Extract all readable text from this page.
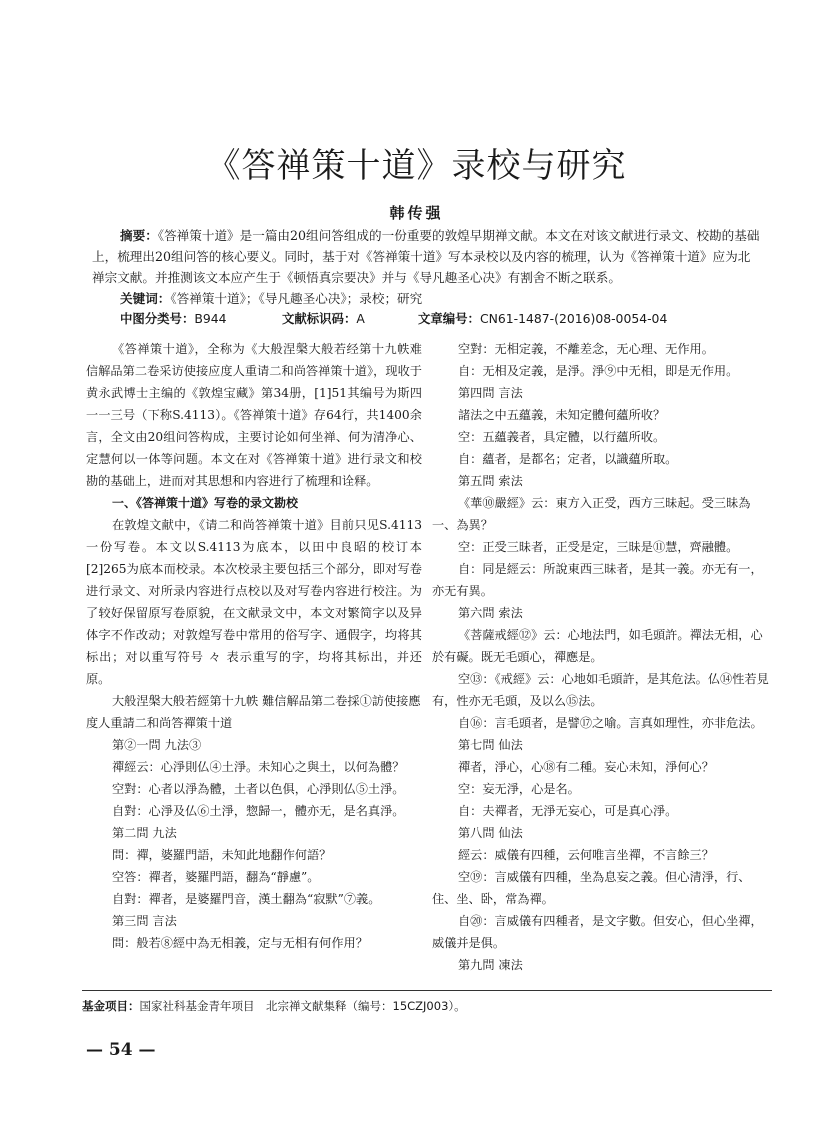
《答禅策十道》录校与研究
韩传强
摘要：《答禅策十道》是一篇由20组问答组成的一份重要的敦煌早期禅文献。本文在对该文献进行录文、校勘的基础上，梳理出20组问答的核心要义。同时，基于对《答禅策十道》写本录校以及内容的梳理，认为《答禅策十道》应为北禅宗文献。并推测该文本应产生于《顿悟真宗要决》并与《导凡趣圣心决》有割舍不断之联系。
关键词：《答禅策十道》；《导凡趣圣心决》；录校；研究
中图分类号：B944	文献标识码：A	文章编号：CN61-1487-(2016)08-0054-04

《答禅策十道》，全称为《大般涅槃大般若经第十九帙难信解品第二卷采访使接应度人重请二和尚答禅策十道》，现收于黄永武博士主编的《敦煌宝藏》第34册，[1]51其编号为斯四一一三号（下称S.4113）。《答禅策十道》存64行，共1400余言，全文由20组问答构成，主要讨论如何坐禅、何为清净心、定慧何以一体等问题。本文在对《答禅策十道》进行录文和校勘的基础上，进而对其思想和内容进行了梳理和诠释。

一、《答禅策十道》写卷的录文勘校

在敦煌文献中，《请二和尚答禅策十道》目前只见S.4113一份写卷。本文以S.4113为底本，以田中良昭的校订本[2]265为底本而校录。本次校录主要包括三个部分，即对写卷进行录文、对所录内容进行点校以及对写卷内容进行校注。为了较好保留原写卷原貌，在文献录文中，本文对繁简字以及异体字不作改动；对敦煌写卷中常用的俗写字、通假字，均将其标出；对以重写符号 々 表示重写的字，均将其标出，并还原。

大般涅槃大般若經第十九帙 難信解品第二卷採①訪使接應度人重請二和尚答禪策十道

第②一問 九法③

禪經云：心淨則仏④土淨。未知心之與土，以何為體？

空對：心者以淨為體，土者以色俱，心淨則仏⑤土淨。

自對：心淨及仏⑥土淨，惣歸一，體亦无，是名真淨。

第二問 九法

問：禪，婆羅門語，未知此地翻作何語？

空答：禪者，婆羅門語，翻為“靜慮”。

自對：禪者，是婆羅門音，漢土翻為“寂默”⑦義。

第三問 言法

問：般若⑧經中為无相義，定与无相有何作用？

空對：无相定義，不離差念，无心理、无作用。

自：无相及定義，是淨。淨⑨中无相，即是无作用。

第四問 言法

諸法之中五蘊義，未知定體何蘊所收？

空：五蘊義者，具定體，以行蘊所收。

自：蘊者，是都名；定者，以識蘊所取。

第五問 索法

《華⑩嚴經》云：東方入正受，西方三昧起。受三昧為一、為異？

空：正受三昧者，正受是定，三昧是⑪慧，齊融體。

自：同是經云：所說東西三昧者，是其一義。亦无有一，亦无有異。

第六問 索法

《菩薩戒經⑫》云：心地法門，如毛頭許。禪法无相，心於有礙。既无毛頭心，禪應是。

空⑬：《戒經》云：心地如毛頭許，是其危法。仏⑭性若見有，性亦无毛頭，及以么⑮法。

自⑯：言毛頭者，是譬⑰之喻。言真如理性，亦非危法。

第七問 仙法

禪者，淨心，心⑱有二種。妄心未知，淨何心？

空：妄无淨，心是名。

自：夫禪者，无淨无妄心，可是真心淨。

第八問 仙法

經云：威儀有四種，云何唯言坐禪，不言餘三？

空⑲：言威儀有四種，坐為息妄之義。但心清淨，行、住、坐、卧，常為禪。

自⑳：言威儀有四種者，是文字數。但安心，但心坐禪，威儀并是俱。

第九問 凍法

基金项目：国家社科基金青年项目　北宗禅文献集释（编号：15CZJ003）。
— 54 —
